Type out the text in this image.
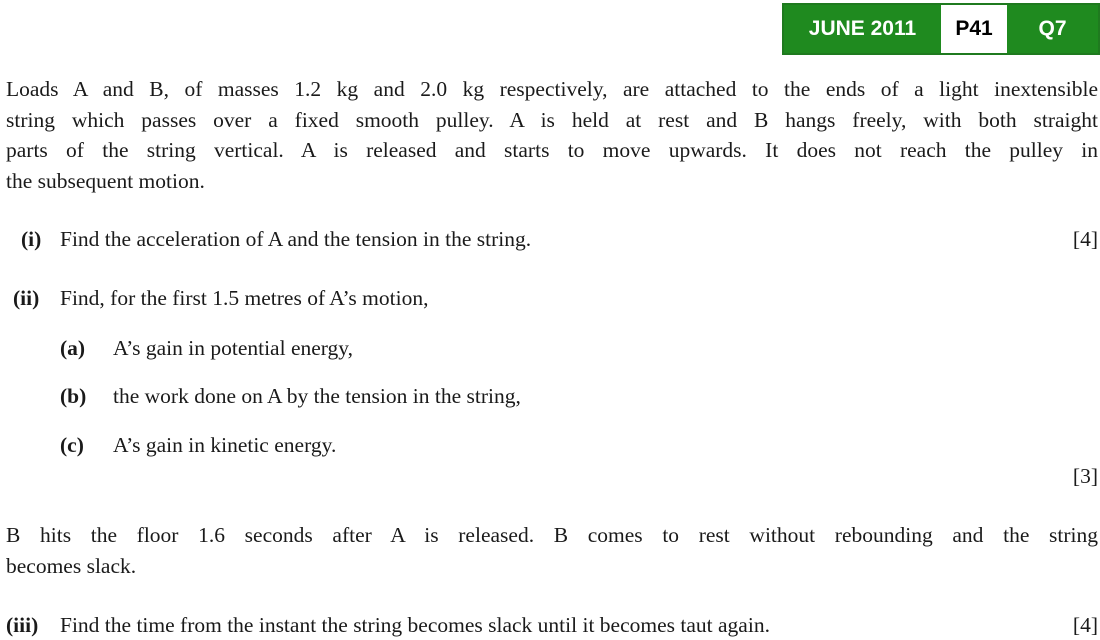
JUNE 2011	P41	Q7
Loads A and B, of masses 1.2 kg and 2.0 kg respectively, are attached to the ends of a light inextensible
string which passes over a fixed smooth pulley. A is held at rest and B hangs freely, with both straight
parts of the string vertical. A is released and starts to move upwards. It does not reach the pulley in
the subsequent motion.
(i) Find the acceleration of A and the tension in the string.	[4]
(ii) Find, for the first 1.5 metres of A’s motion,
(a) A’s gain in potential energy,
(b) the work done on A by the tension in the string,
(c) A’s gain in kinetic energy.
[3]
B hits the floor 1.6 seconds after A is released. B comes to rest without rebounding and the string
becomes slack.
(iii) Find the time from the instant the string becomes slack until it becomes taut again.	[4]
